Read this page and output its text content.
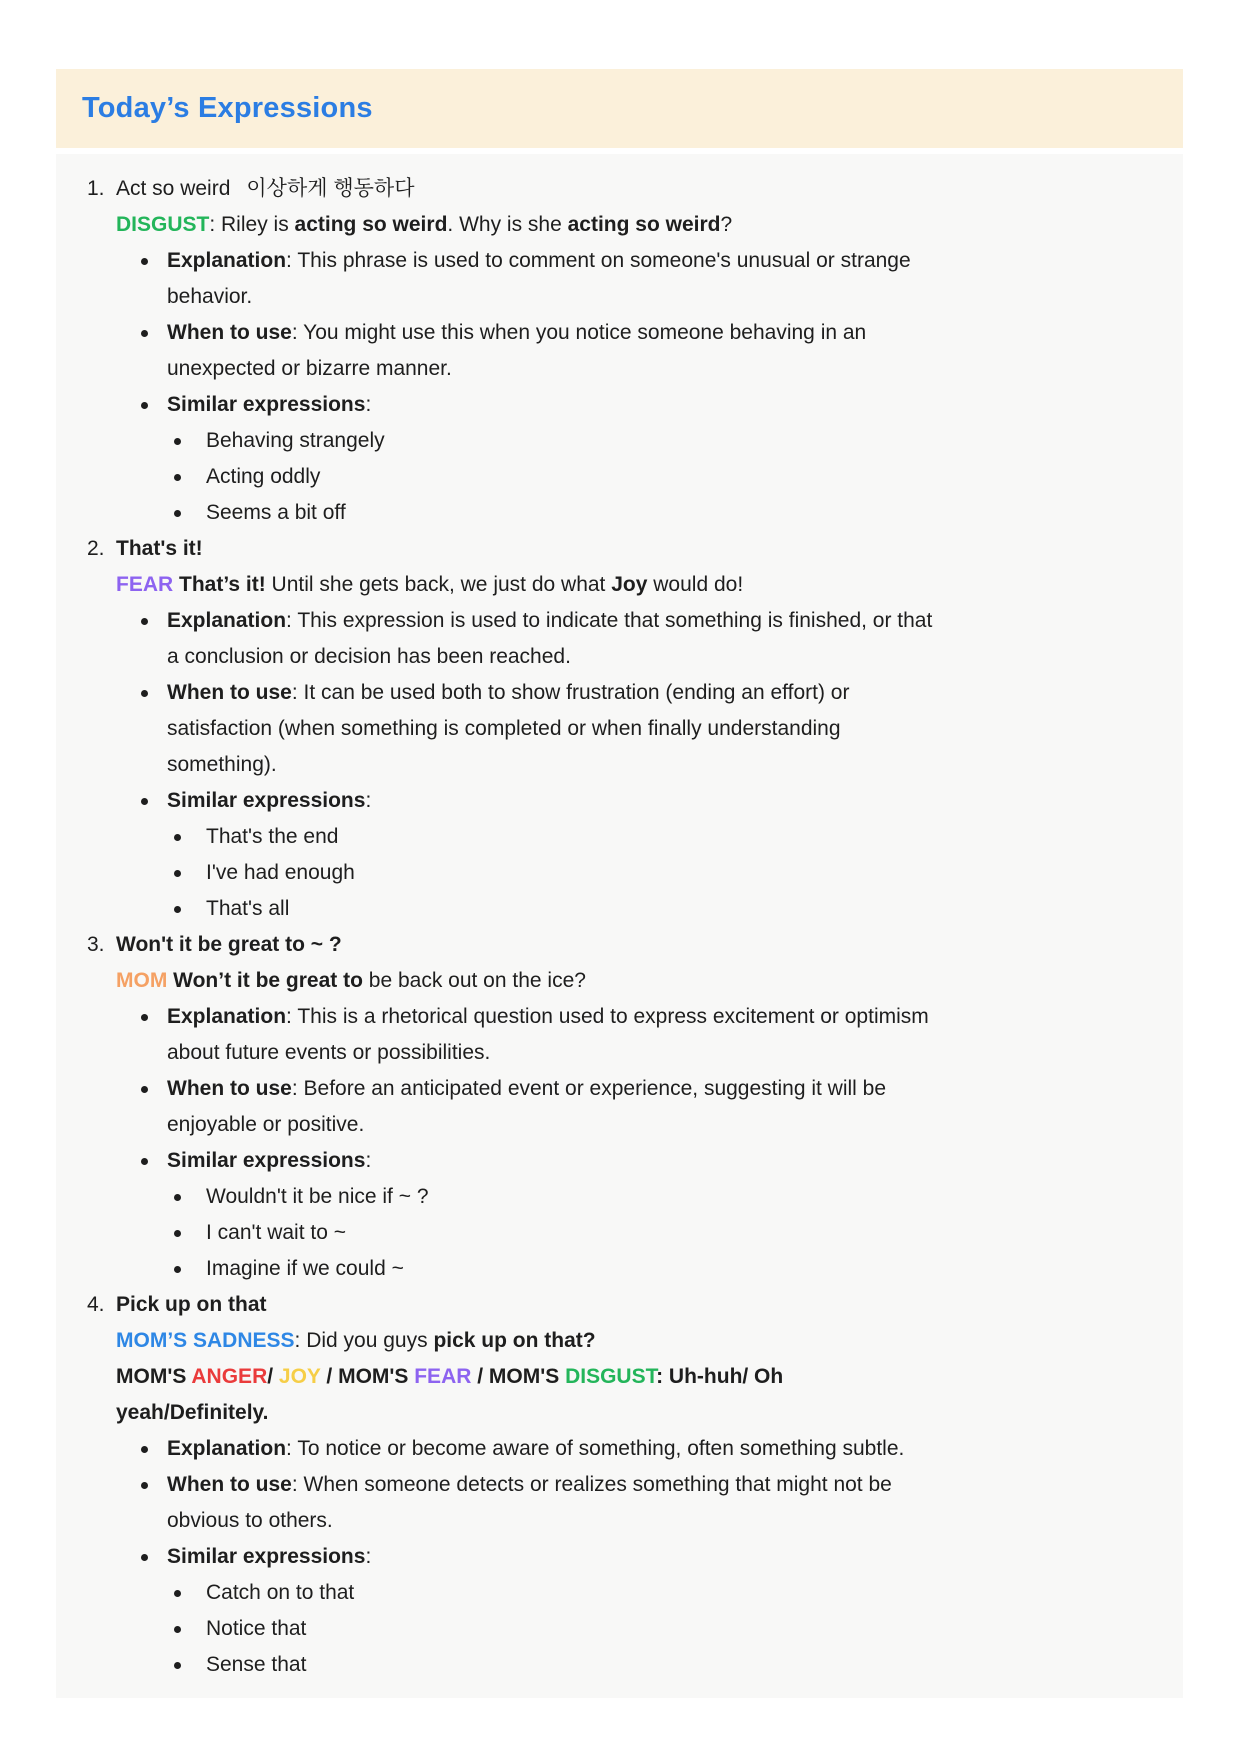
Today’s Expressions
1. Act so weird 이상하게 행동하다
DISGUST: Riley is acting so weird. Why is she acting so weird?
Explanation: This phrase is used to comment on someone's unusual or strange
behavior.
When to use: You might use this when you notice someone behaving in an
unexpected or bizarre manner.
Similar expressions:
Behaving strangely
Acting oddly
Seems a bit off
2. That's it!
FEAR That’s it! Until she gets back, we just do what Joy would do!
Explanation: This expression is used to indicate that something is finished, or that
a conclusion or decision has been reached.
When to use: It can be used both to show frustration (ending an effort) or
satisfaction (when something is completed or when finally understanding
something).
Similar expressions:
That's the end
I've had enough
That's all
3. Won't it be great to ~ ?
MOM Won’t it be great to be back out on the ice?
Explanation: This is a rhetorical question used to express excitement or optimism
about future events or possibilities.
When to use: Before an anticipated event or experience, suggesting it will be
enjoyable or positive.
Similar expressions:
Wouldn't it be nice if ~ ?
I can't wait to ~
Imagine if we could ~
4. Pick up on that
MOM’S SADNESS: Did you guys pick up on that?
MOM'S ANGER/ JOY / MOM'S FEAR / MOM'S DISGUST: Uh-huh/ Oh
yeah/Definitely.
Explanation: To notice or become aware of something, often something subtle.
When to use: When someone detects or realizes something that might not be
obvious to others.
Similar expressions:
Catch on to that
Notice that
Sense that
